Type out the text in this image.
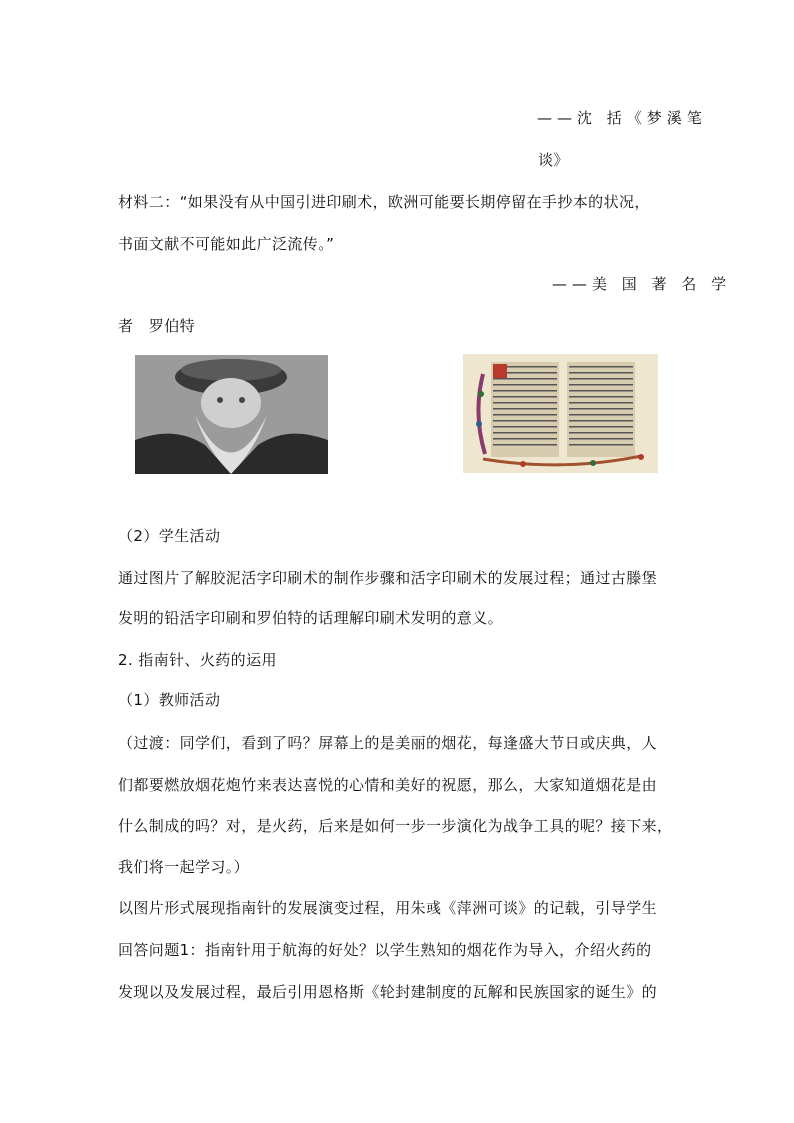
——沈 括《梦溪笔
谈》
材料二：“如果没有从中国引进印刷术，欧洲可能要长期停留在手抄本的状况，
书面文献不可能如此广泛流传。”
——美 国 著 名 学
者　罗伯特
（2）学生活动
通过图片了解胶泥活字印刷术的制作步骤和活字印刷术的发展过程；通过古滕堡
发明的铅活字印刷和罗伯特的话理解印刷术发明的意义。
2. 指南针、火药的运用
（1）教师活动
（过渡：同学们，看到了吗？屏幕上的是美丽的烟花，每逢盛大节日或庆典，人
们都要燃放烟花炮竹来表达喜悦的心情和美好的祝愿，那么，大家知道烟花是由
什么制成的吗？对，是火药，后来是如何一步一步演化为战争工具的呢？接下来，
我们将一起学习。）
以图片形式展现指南针的发展演变过程，用朱彧《萍洲可谈》的记载，引导学生
回答问题1：指南针用于航海的好处？以学生熟知的烟花作为导入，介绍火药的
发现以及发展过程，最后引用恩格斯《轮封建制度的瓦解和民族国家的诞生》的
